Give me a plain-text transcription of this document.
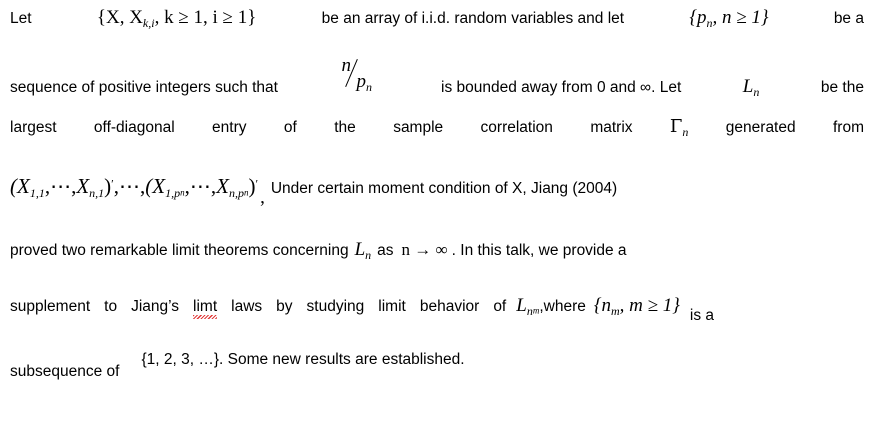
Let	{X, $X_{k,i}$, k ≥ 1, i ≥ 1}	be an array of i.i.d. random variables and let	{$p_n$, n ≥ 1}	be a
sequence of positive integers such that
n
$p_n$	is bounded away from 0 and ∞. Let	$L_n$	be the
largest off-diagonal entry of the sample correlation matrix $\Gamma_n$ generated from
$(X_{1,1},\cdots,X_{n,1})',\cdots,(X_{1,pn},\cdots,X_{n,pn})'$
, Under certain moment condition of X, Jiang (2004)
proved two remarkable limit theorems concerning $L_n$ as n → ∞ . In this talk, we provide a
supplement to Jiang’s limt laws by studying limit behavior of $L_{nm}$ ,where {$n_m$, m ≥ 1} is a
subsequence of
{1, 2, 3, …}. Some new results are established.
